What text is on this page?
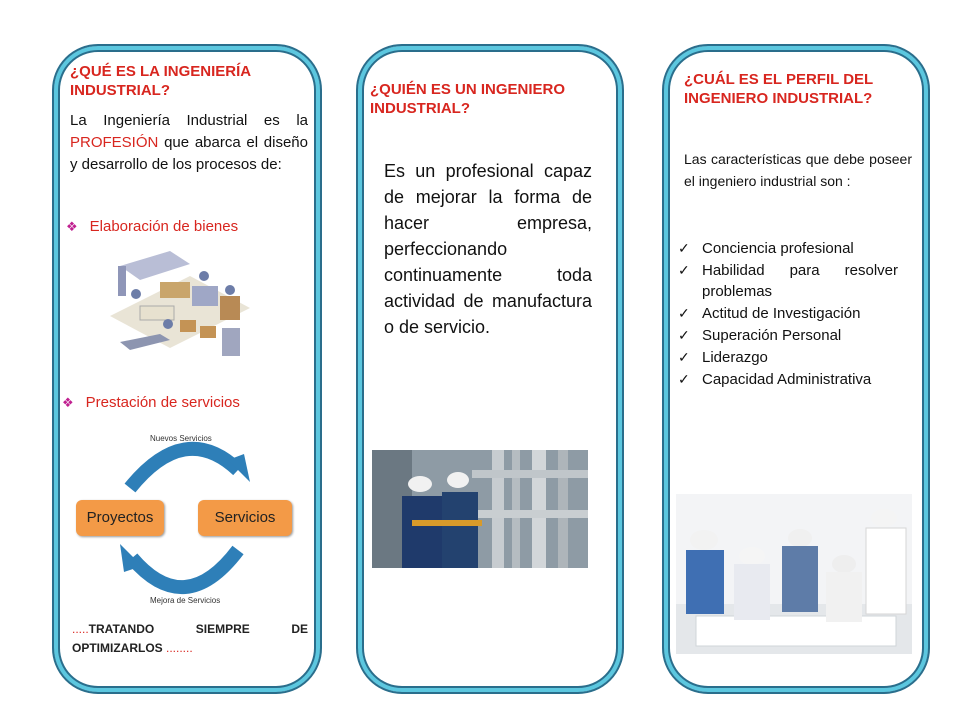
¿QUÉ ES LA INGENIERÍA INDUSTRIAL?
La Ingeniería Industrial es la PROFESIÓN que abarca el diseño y desarrollo de los procesos de:
❖ Elaboración de bienes
❖ Prestación de servicios
Nuevos Servicios
Mejora de Servicios
Proyectos	Servicios
.....TRATANDO SIEMPRE DE OPTIMIZARLOS ........
¿QUIÉN ES UN INGENIERO INDUSTRIAL?
Es un profesional capaz de mejorar la forma de hacer empresa, perfeccionando continuamente toda actividad de manufactura o de servicio.
¿CUÁL ES EL PERFIL DEL INGENIERO INDUSTRIAL?
Las características que debe poseer el ingeniero industrial son :
✓ Conciencia profesional
✓ Habilidad para resolver problemas
✓ Actitud de Investigación
✓ Superación Personal
✓ Liderazgo
✓ Capacidad Administrativa
